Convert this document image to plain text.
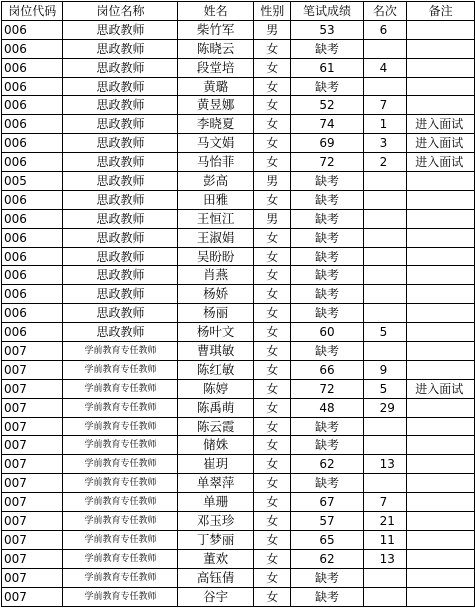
岗位代码	岗位名称	姓名	性别	笔试成绩	名次	备注
006	思政教师	柴竹军	男	53	6	
006	思政教师	陈晓云	女	缺考		
006	思政教师	段堂培	女	61	4	
006	思政教师	黄璐	女	缺考		
006	思政教师	黄昱娜	女	52	7	
006	思政教师	李晓夏	女	74	1	进入面试
006	思政教师	马文娟	女	69	3	进入面试
006	思政教师	马怡菲	女	72	2	进入面试
005	思政教师	彭高	男	缺考		
006	思政教师	田雅	女	缺考		
006	思政教师	王恒江	男	缺考		
006	思政教师	王淑娟	女	缺考		
006	思政教师	吴盼盼	女	缺考		
006	思政教师	肖燕	女	缺考		
006	思政教师	杨娇	女	缺考		
006	思政教师	杨丽	女	缺考		
006	思政教师	杨叶文	女	60	5	
007	学前教育专任教师	曹琪敏	女	缺考		
007	学前教育专任教师	陈红敏	女	66	9	
007	学前教育专任教师	陈婷	女	72	5	进入面试
007	学前教育专任教师	陈禹萌	女	48	29	
007	学前教育专任教师	陈云霞	女	缺考		
007	学前教育专任教师	储姝	女	缺考		
007	学前教育专任教师	崔玥	女	62	13	
007	学前教育专任教师	单翠萍	女	缺考		
007	学前教育专任教师	单珊	女	67	7	
007	学前教育专任教师	邓玉珍	女	57	21	
007	学前教育专任教师	丁梦丽	女	65	11	
007	学前教育专任教师	董欢	女	62	13	
007	学前教育专任教师	高钰倩	女	缺考		
007	学前教育专任教师	谷宇	女	缺考		
